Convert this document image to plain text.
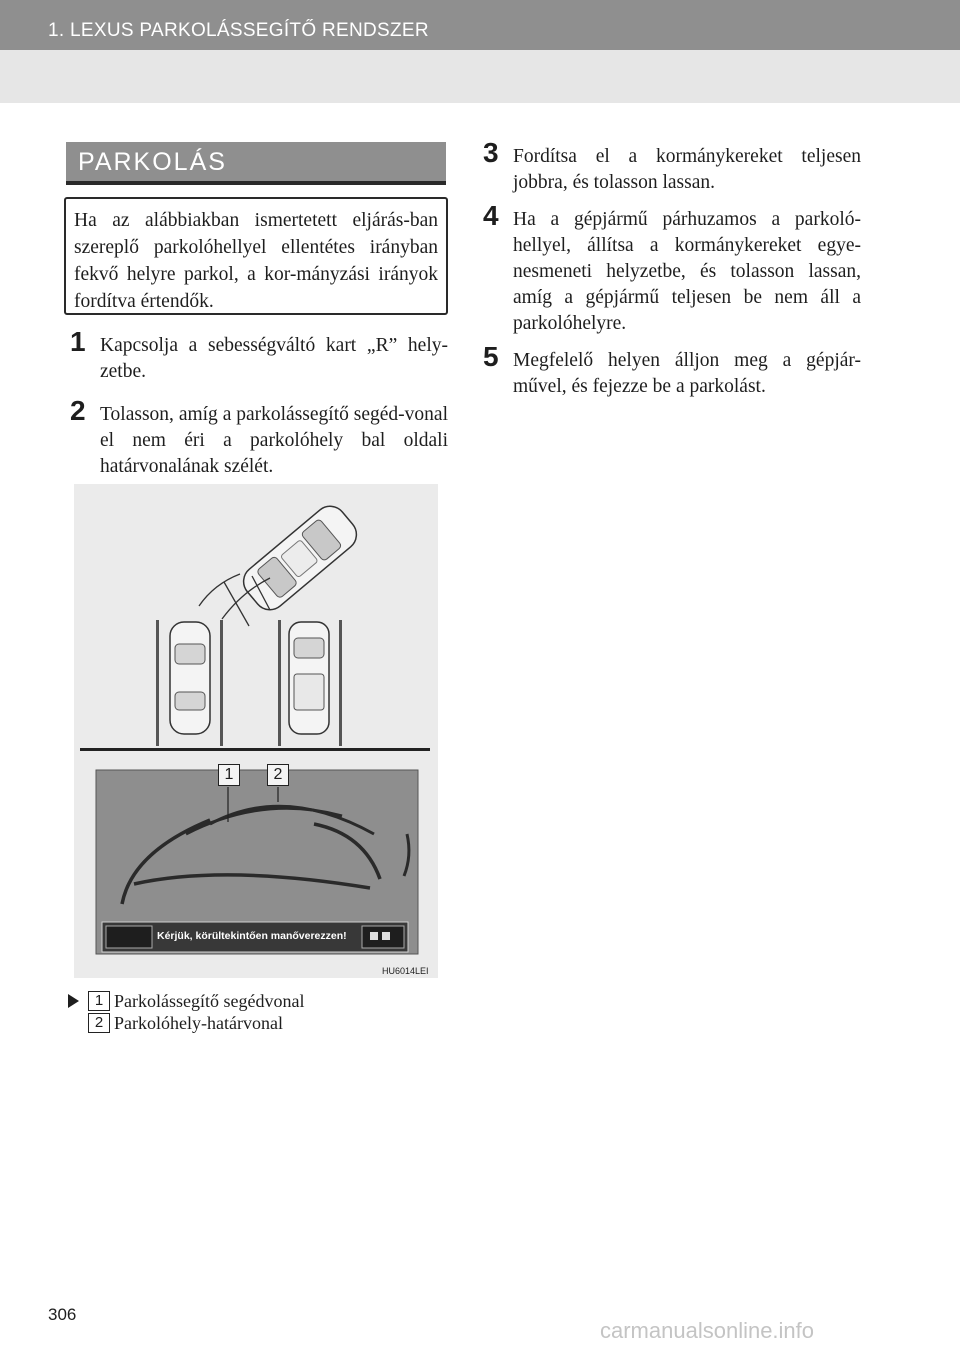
1. LEXUS PARKOLÁSSEGÍTŐ RENDSZER
PARKOLÁS
Ha az alábbiakban ismertetett eljárás-ban szereplő parkolóhellyel ellentétes irányban fekvő helyre parkol, a kor-mányzási irányok fordítva értendők.
1 Kapcsolja a sebességváltó kart „R” hely-zetbe.
2 Tolasson, amíg a parkolássegítő segéd-vonal el nem éri a parkolóhely bal oldali határvonalának szélét.
3 Fordítsa el a kormánykereket teljesen jobbra, és tolasson lassan.
4 Ha a gépjármű párhuzamos a parkoló-hellyel, állítsa a kormánykereket egye-nesmeneti helyzetbe, és tolasson lassan, amíg a gépjármű teljesen be nem áll a parkolóhelyre.
5 Megfelelő helyen álljon meg a gépjár-művel, és fejezze be a parkolást.
Kérjük, körültekintően manőverezzen!
1	2
HU6014LEI
1 Parkolássegítő segédvonal
2 Parkolóhely-határvonal
306
carmanualsonline.info
